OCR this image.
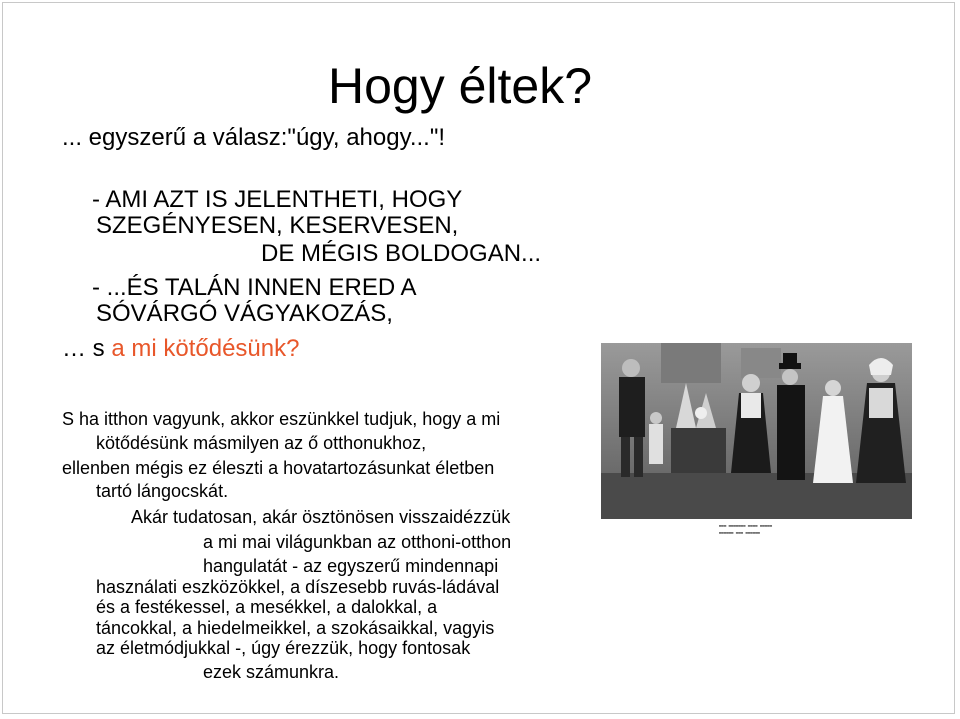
Hogy éltek?
... egyszerű a válasz:"úgy, ahogy..."!
- AMI AZT IS JELENTHETI, HOGY
SZEGÉNYESEN, KESERVESEN,
DE MÉGIS BOLDOGAN...
- ...ÉS TALÁN INNEN ERED A
SÓVÁRGÓ VÁGYAKOZÁS,
… s a mi kötődésünk?
S ha itthon vagyunk, akkor eszünkkel tudjuk, hogy a mi
kötődésünk másmilyen az ő otthonukhoz,
ellenben mégis ez éleszti a hovatartozásunkat életben
tartó lángocskát.
Akár tudatosan, akár ösztönösen visszaidézzük
a mi mai világunkban az otthoni-otthon
hangulatát - az egyszerű mindennapi
használati eszközökkel, a díszesebb ruvás-ládával
és a festékessel, a mesékkel, a dalokkal, a
táncokkal, a hiedelmeikkel, a szokásaikkal, vagyis
az életmódjukkal -, úgy érezzük, hogy fontosak
ezek számunkra.
▬▬▬ ▬▬▬▬▬▬▬ ▬▬▬▬ ▬▬▬▬▬
▬▬▬▬▬▬ ▬▬▬ ▬▬▬▬▬▬
